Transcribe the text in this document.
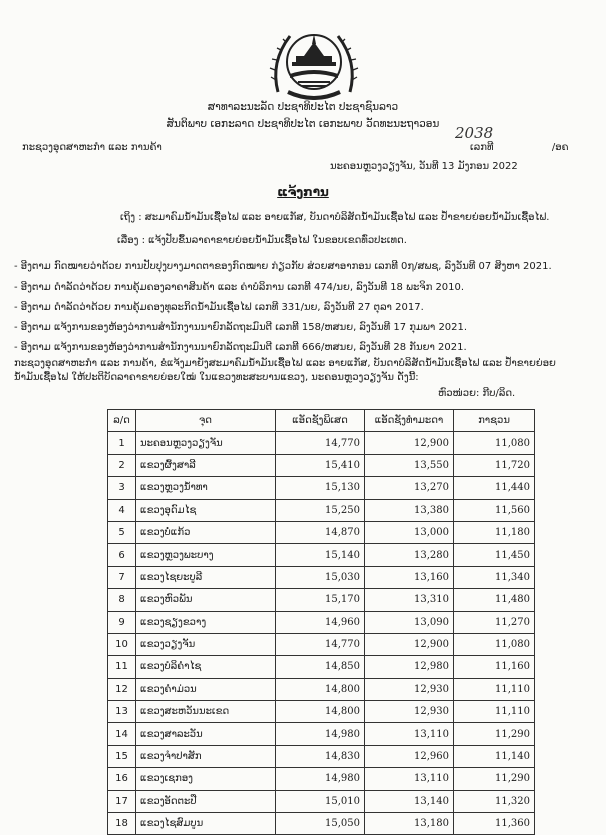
ສາທາລະນະລັດ ປະຊາທິປະໄຕ ປະຊາຊົນລາວ
ສັນຕິພາບ ເອກະລາດ ປະຊາທິປະໄຕ ເອກະພາບ ວັດທະນະຖາວອນ	2038
ກະຊວງອຸດສາຫະກຳ ແລະ ການຄ້າ	ເລກທີ	/ອຄ
ນະຄອນຫຼວງວຽງຈັນ, ວັນທີ 13 ມັງກອນ 2022
ແຈ້ງການ
ເຖິງ : ສະມາຄົມນ້ຳມັນເຊື້ອໄຟ ແລະ ອາຍແກັສ, ບັນດາບໍລິສັດນ້ຳມັນເຊື້ອໄຟ ແລະ ປ້ຳຂາຍຍ່ອຍນ້ຳມັນເຊື້ອໄຟ.
ເລື່ອງ : ແຈ້ງປັບຂຶ້ນລາຄາຂາຍຍ່ອຍນ້ຳມັນເຊື້ອໄຟ ໃນຂອບເຂດທົ່ວປະເທດ.
- ອີງຕາມ ກົດໝາຍວ່າດ້ວຍ ການປັບປຸງບາງມາດຕາຂອງກົດໝາຍ ກ່ຽວກັບ ສ່ວຍສາອາກອນ ເລກທີ 0໗/ສພຊ, ລົງວັນທີ 07 ສິງຫາ 2021.
- ອີງຕາມ ດຳລັດວ່າດ້ວຍ ການຄຸ້ມຄອງລາຄາສິນຄ້າ ແລະ ຄ່າບໍລິການ ເລກທີ 474/ນຍ, ລົງວັນທີ 18 ພະຈິກ 2010.
- ອີງຕາມ ດຳລັດວ່າດ້ວຍ ການຄຸ້ມຄອງທຸລະກິດນ້ຳມັນເຊື້ອໄຟ ເລກທີ 331/ນຍ, ລົງວັນທີ 27 ຕຸລາ 2017.
- ອີງຕາມ ແຈ້ງການຂອງຫ້ອງວ່າການສຳນັກງານນາຍົກລັດຖະມົນຕີ ເລກທີ 158/ຫສນຍ, ລົງວັນທີ 17 ກຸມພາ 2021.
- ອີງຕາມ ແຈ້ງການຂອງຫ້ອງວ່າການສຳນັກງານນາຍົກລັດຖະມົນຕີ ເລກທີ 666/ຫສນຍ, ລົງວັນທີ 28 ກັນຍາ 2021.
ກະຊວງອຸດສາຫະກຳ ແລະ ການຄ້າ, ຂໍແຈ້ງມາຍັງສະມາຄົມນ້ຳມັນເຊື້ອໄຟ ແລະ ອາຍແກັສ, ບັນດາບໍລິສັດນ້ຳມັນເຊື້ອໄຟ ແລະ ປ້ຳຂາຍຍ່ອຍ
ນ້ຳມັນເຊື້ອໄຟ ໃຫ້ປະຕິບັດລາຄາຂາຍຍ່ອຍໃໝ່ ໃນແຂວງທະສະບານແຂວງ, ນະຄອນຫຼວງວຽງຈັນ ດັ່ງນີ້:
ຫົວໜ່ວຍ: ກີບ/ລິດ.
ລ/ດ	ຈຸດ	ແອັດຊັງພິເສດ	ແອັດຊັງທຳມະດາ	ກາຊວນ
1	ນະຄອນຫຼວງວຽງຈັນ	14,770	12,900	11,080
2	ແຂວງຜົ້ງສາລີ	15,410	13,550	11,720
3	ແຂວງຫຼວງນ້ຳທາ	15,130	13,270	11,440
4	ແຂວງອຸດົມໄຊ	15,250	13,380	11,560
5	ແຂວງບໍ່ແກ້ວ	14,870	13,000	11,180
6	ແຂວງຫຼວງພະບາງ	15,140	13,280	11,450
7	ແຂວງໄຊຍະບູລີ	15,030	13,160	11,340
8	ແຂວງຫົວພັນ	15,170	13,310	11,480
9	ແຂວງຊຽງຂວາງ	14,960	13,090	11,270
10	ແຂວງວຽງຈັນ	14,770	12,900	11,080
11	ແຂວງບໍລິຄຳໄຊ	14,850	12,980	11,160
12	ແຂວງຄຳມ່ວນ	14,800	12,930	11,110
13	ແຂວງສະຫວັນນະເຂດ	14,800	12,930	11,110
14	ແຂວງສາລະວັນ	14,980	13,110	11,290
15	ແຂວງຈຳປາສັກ	14,830	12,960	11,140
16	ແຂວງເຊກອງ	14,980	13,110	11,290
17	ແຂວງອັດຕະປື	15,010	13,140	11,320
18	ແຂວງໄຊສົມບູນ	15,050	13,180	11,360
